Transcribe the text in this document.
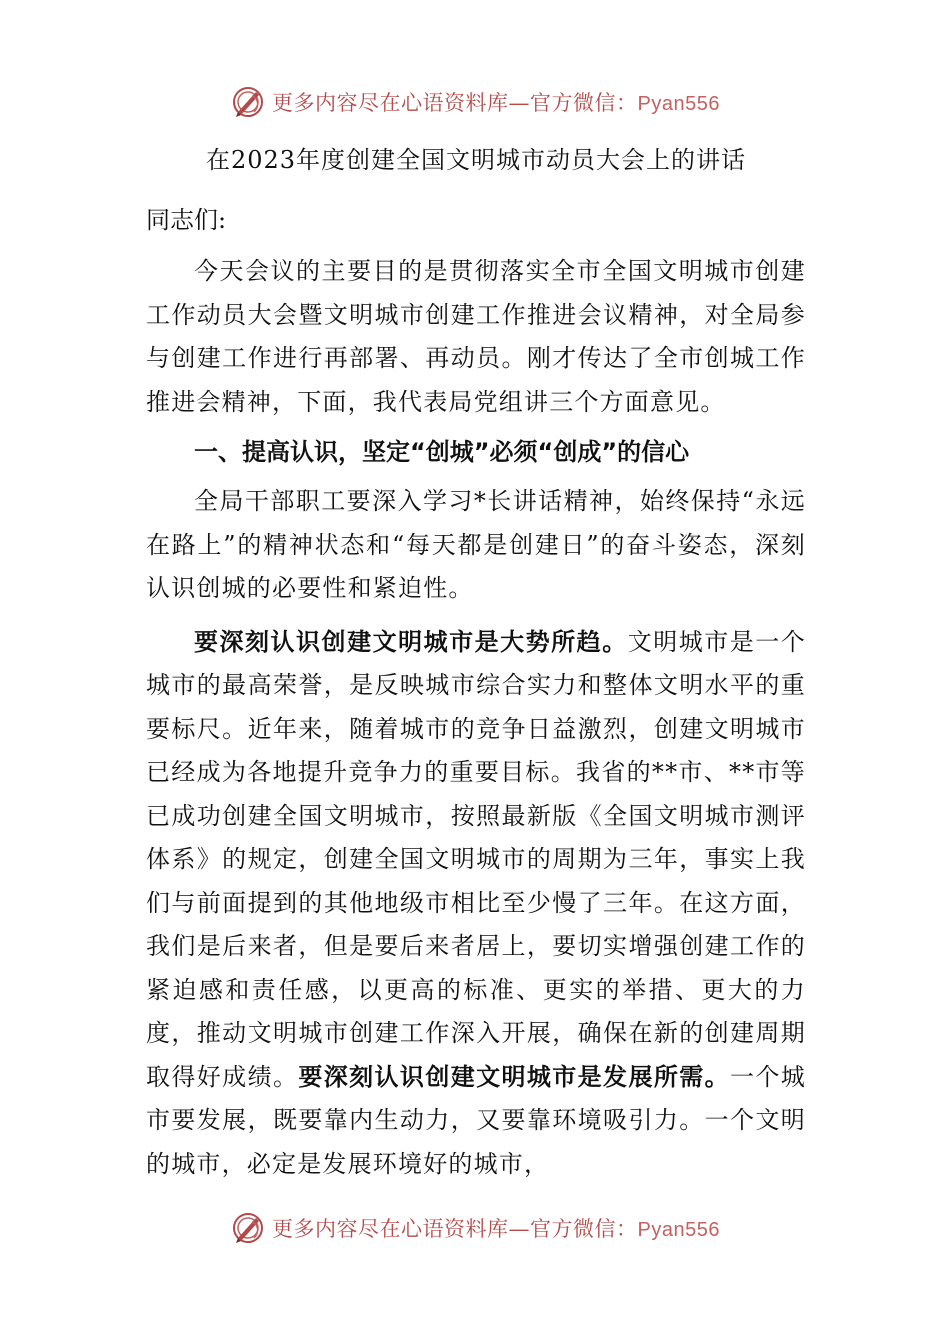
更多内容尽在心语资料库—官方微信：Pyan556
在2023年度创建全国文明城市动员大会上的讲话
同志们:

今天会议的主要目的是贯彻落实全市全国文明城市创建工作动员大会暨文明城市创建工作推进会议精神，对全局参与创建工作进行再部署、再动员。刚才传达了全市创城工作推进会精神，下面，我代表局党组讲三个方面意见。

一、提高认识，坚定“创城”必须“创成”的信心

全局干部职工要深入学习*长讲话精神，始终保持“永远在路上”的精神状态和“每天都是创建日”的奋斗姿态，深刻认识创城的必要性和紧迫性。

要深刻认识创建文明城市是大势所趋。文明城市是一个城市的最高荣誉，是反映城市综合实力和整体文明水平的重要标尺。近年来，随着城市的竞争日益激烈，创建文明城市已经成为各地提升竞争力的重要目标。我省的**市、**市等已成功创建全国文明城市，按照最新版《全国文明城市测评体系》的规定，创建全国文明城市的周期为三年，事实上我们与前面提到的其他地级市相比至少慢了三年。在这方面，我们是后来者，但是要后来者居上，要切实增强创建工作的紧迫感和责任感，以更高的标准、更实的举措、更大的力度，推动文明城市创建工作深入开展，确保在新的创建周期取得好成绩。要深刻认识创建文明城市是发展所需。一个城市要发展，既要靠内生动力，又要靠环境吸引力。一个文明的城市，必定是发展环境好的城市，

更多内容尽在心语资料库—官方微信：Pyan556
